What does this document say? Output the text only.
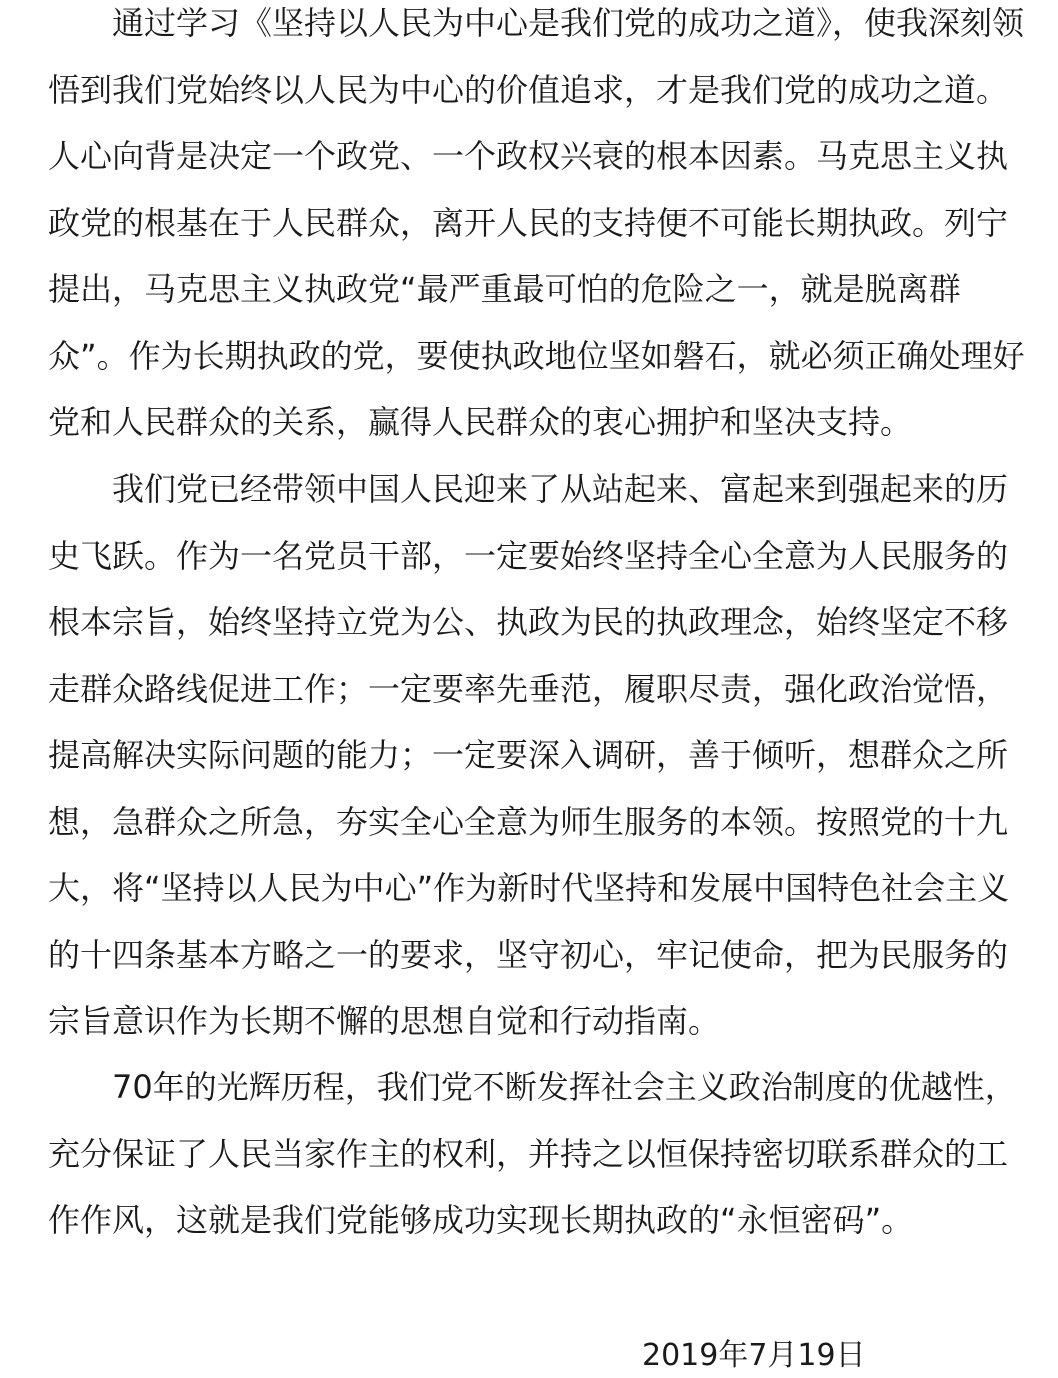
通过学习《坚持以人民为中心是我们党的成功之道》，使我深刻领悟到我们党始终以人民为中心的价值追求，才是我们党的成功之道。人心向背是决定一个政党、一个政权兴衰的根本因素。马克思主义执政党的根基在于人民群众，离开人民的支持便不可能长期执政。列宁提出，马克思主义执政党“最严重最可怕的危险之一，就是脱离群众”。作为长期执政的党，要使执政地位坚如磐石，就必须正确处理好党和人民群众的关系，赢得人民群众的衷心拥护和坚决支持。

我们党已经带领中国人民迎来了从站起来、富起来到强起来的历史飞跃。作为一名党员干部，一定要始终坚持全心全意为人民服务的根本宗旨，始终坚持立党为公、执政为民的执政理念，始终坚定不移走群众路线促进工作；一定要率先垂范，履职尽责，强化政治觉悟，提高解决实际问题的能力；一定要深入调研，善于倾听，想群众之所想，急群众之所急，夯实全心全意为师生服务的本领。按照党的十九大，将“坚持以人民为中心”作为新时代坚持和发展中国特色社会主义的十四条基本方略之一的要求，坚守初心，牢记使命，把为民服务的宗旨意识作为长期不懈的思想自觉和行动指南。

70年的光辉历程，我们党不断发挥社会主义政治制度的优越性，充分保证了人民当家作主的权利，并持之以恒保持密切联系群众的工作作风，这就是我们党能够成功实现长期执政的“永恒密码”。

2019年7月19日
